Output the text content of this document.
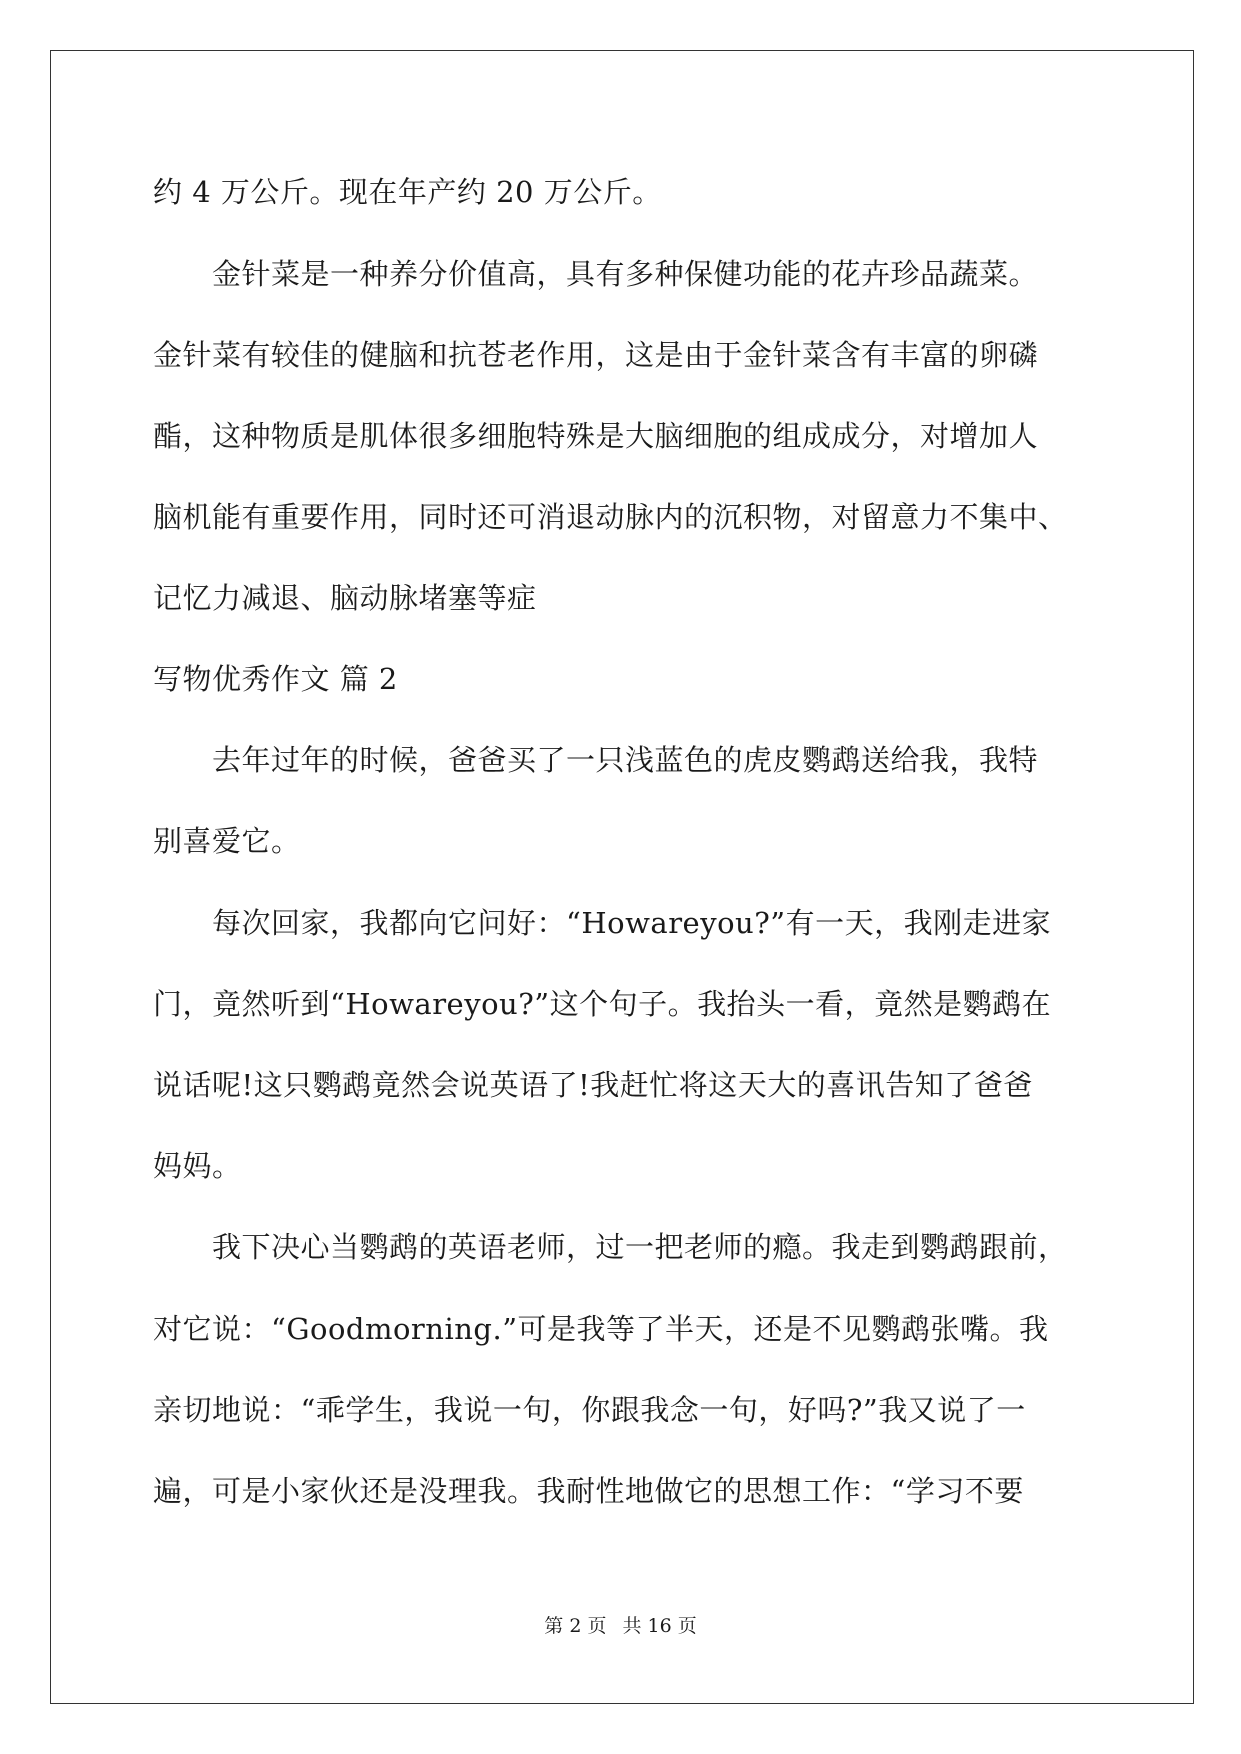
约 4 万公斤。现在年产约 20 万公斤。
　　金针菜是一种养分价值高，具有多种保健功能的花卉珍品蔬菜。
金针菜有较佳的健脑和抗苍老作用，这是由于金针菜含有丰富的卵磷
酯，这种物质是肌体很多细胞特殊是大脑细胞的组成成分，对增加人
脑机能有重要作用，同时还可消退动脉内的沉积物，对留意力不集中、
记忆力减退、脑动脉堵塞等症
写物优秀作文 篇 2
　　去年过年的时候，爸爸买了一只浅蓝色的虎皮鹦鹉送给我，我特
别喜爱它。
　　每次回家，我都向它问好：“Howareyou?”有一天，我刚走进家
门，竟然听到“Howareyou?”这个句子。我抬头一看，竟然是鹦鹉在
说话呢!这只鹦鹉竟然会说英语了!我赶忙将这天大的喜讯告知了爸爸
妈妈。
　　我下决心当鹦鹉的英语老师，过一把老师的瘾。我走到鹦鹉跟前，
对它说：“Goodmorning.”可是我等了半天，还是不见鹦鹉张嘴。我
亲切地说：“乖学生，我说一句，你跟我念一句，好吗?”我又说了一
遍，可是小家伙还是没理我。我耐性地做它的思想工作：“学习不要
第 2 页 共 16 页
